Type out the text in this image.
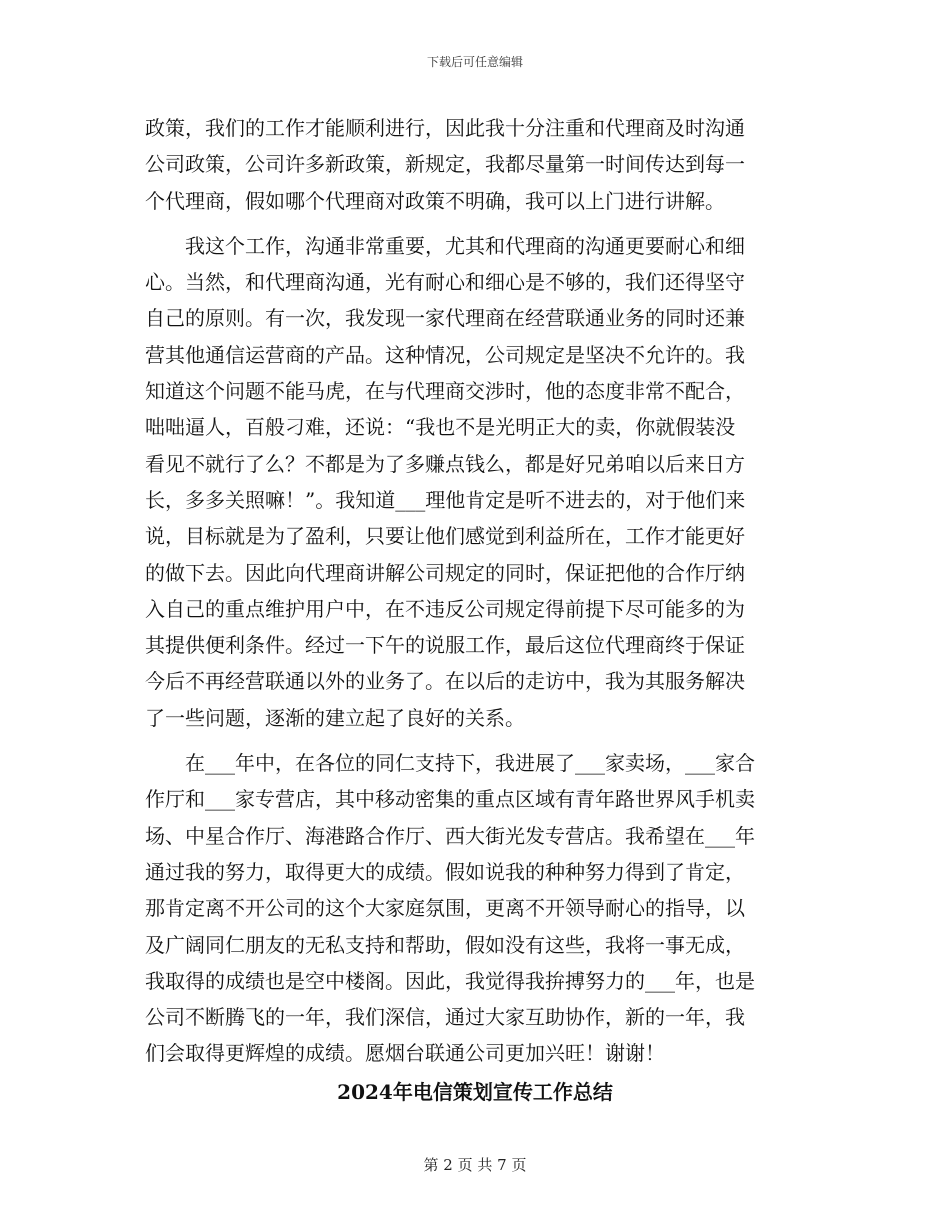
下载后可任意编辑
政策，我们的工作才能顺利进行，因此我十分注重和代理商及时沟通
公司政策，公司许多新政策，新规定，我都尽量第一时间传达到每一
个代理商，假如哪个代理商对政策不明确，我可以上门进行讲解。
我这个工作，沟通非常重要，尤其和代理商的沟通更要耐心和细
心。当然，和代理商沟通，光有耐心和细心是不够的，我们还得坚守
自己的原则。有一次，我发现一家代理商在经营联通业务的同时还兼
营其他通信运营商的产品。这种情况，公司规定是坚决不允许的。我
知道这个问题不能马虎，在与代理商交涉时，他的态度非常不配合，
咄咄逼人，百般刁难，还说：“我也不是光明正大的卖，你就假装没
看见不就行了么？不都是为了多赚点钱么，都是好兄弟咱以后来日方
长，多多关照嘛！”。我知道___理他肯定是听不进去的，对于他们来
说，目标就是为了盈利，只要让他们感觉到利益所在，工作才能更好
的做下去。因此向代理商讲解公司规定的同时，保证把他的合作厅纳
入自己的重点维护用户中，在不违反公司规定得前提下尽可能多的为
其提供便利条件。经过一下午的说服工作，最后这位代理商终于保证
今后不再经营联通以外的业务了。在以后的走访中，我为其服务解决
了一些问题，逐渐的建立起了良好的关系。
在___年中，在各位的同仁支持下，我进展了___家卖场，___家合
作厅和___家专营店，其中移动密集的重点区域有青年路世界风手机卖
场、中星合作厅、海港路合作厅、西大街光发专营店。我希望在___年
通过我的努力，取得更大的成绩。假如说我的种种努力得到了肯定，
那肯定离不开公司的这个大家庭氛围，更离不开领导耐心的指导，以
及广阔同仁朋友的无私支持和帮助，假如没有这些，我将一事无成，
我取得的成绩也是空中楼阁。因此，我觉得我拚搏努力的___年，也是
公司不断腾飞的一年，我们深信，通过大家互助协作，新的一年，我
们会取得更辉煌的成绩。愿烟台联通公司更加兴旺！谢谢！
2024年电信策划宣传工作总结
第 2 页 共 7 页
